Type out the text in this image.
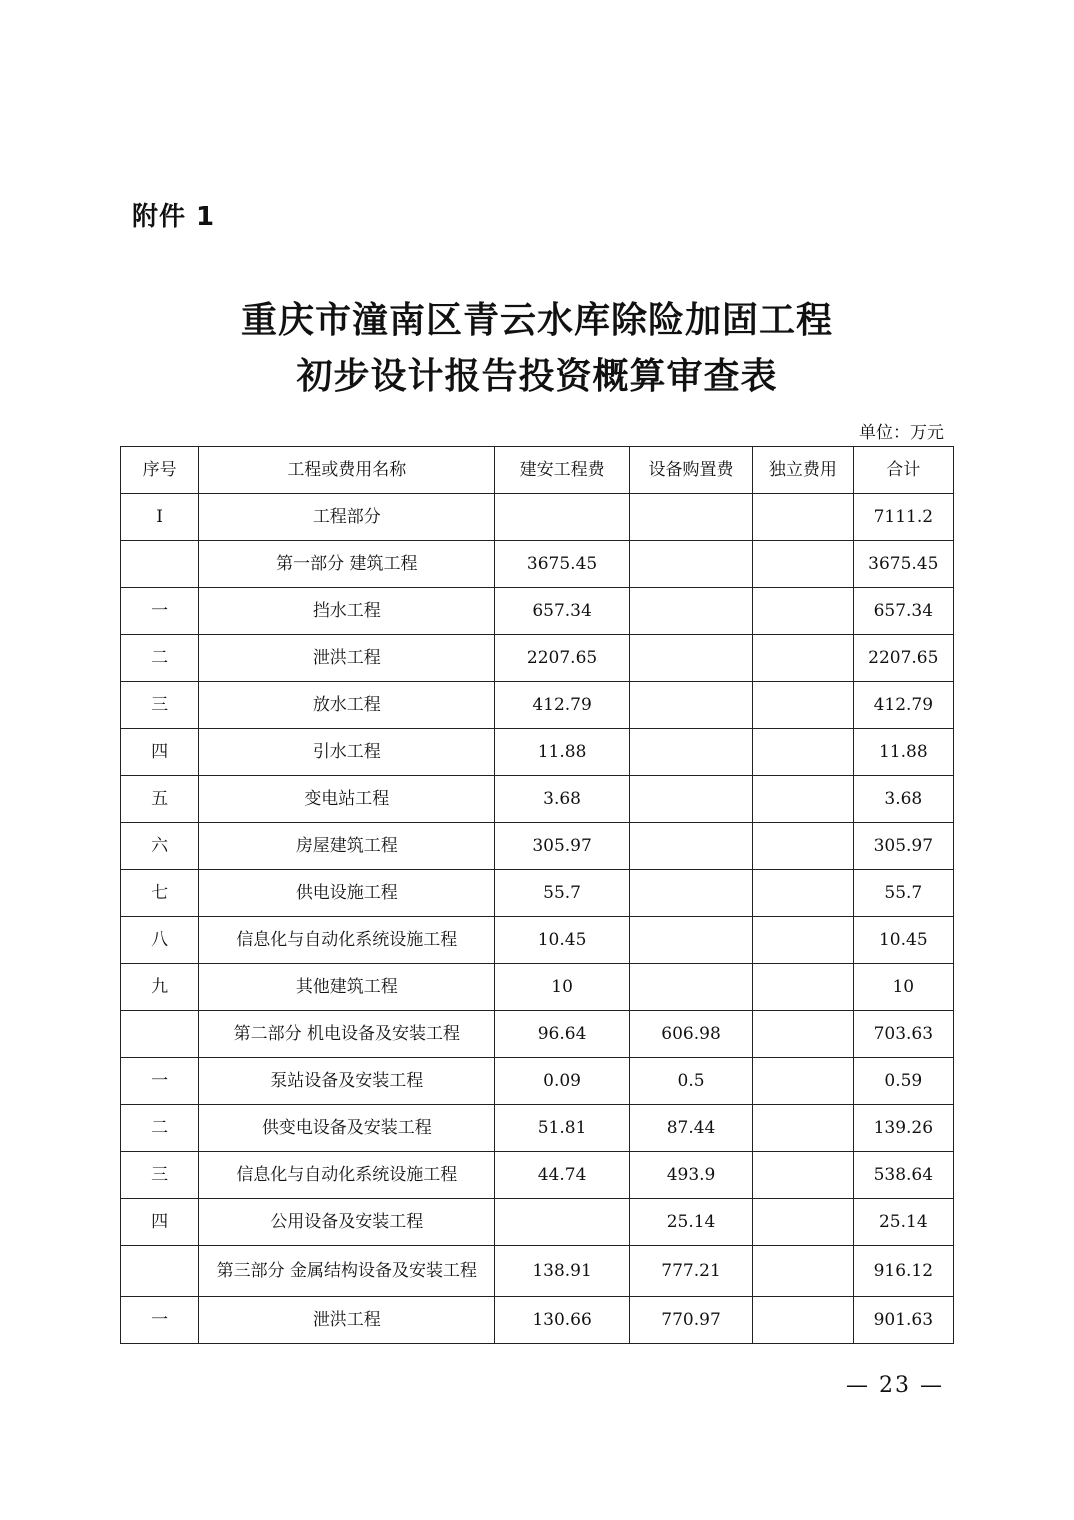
附件 1
重庆市潼南区青云水库除险加固工程
初步设计报告投资概算审查表
单位：万元
序号	工程或费用名称	建安工程费	设备购置费	独立费用	合计
I	工程部分				7111.2
	第一部分 建筑工程	3675.45			3675.45
一	挡水工程	657.34			657.34
二	泄洪工程	2207.65			2207.65
三	放水工程	412.79			412.79
四	引水工程	11.88			11.88
五	变电站工程	3.68			3.68
六	房屋建筑工程	305.97			305.97
七	供电设施工程	55.7			55.7
八	信息化与自动化系统设施工程	10.45			10.45
九	其他建筑工程	10			10
	第二部分 机电设备及安装工程	96.64	606.98		703.63
一	泵站设备及安装工程	0.09	0.5		0.59
二	供变电设备及安装工程	51.81	87.44		139.26
三	信息化与自动化系统设施工程	44.74	493.9		538.64
四	公用设备及安装工程		25.14		25.14
	第三部分 金属结构设备及安装工程	138.91	777.21		916.12
一	泄洪工程	130.66	770.97		901.63
— 23 —
